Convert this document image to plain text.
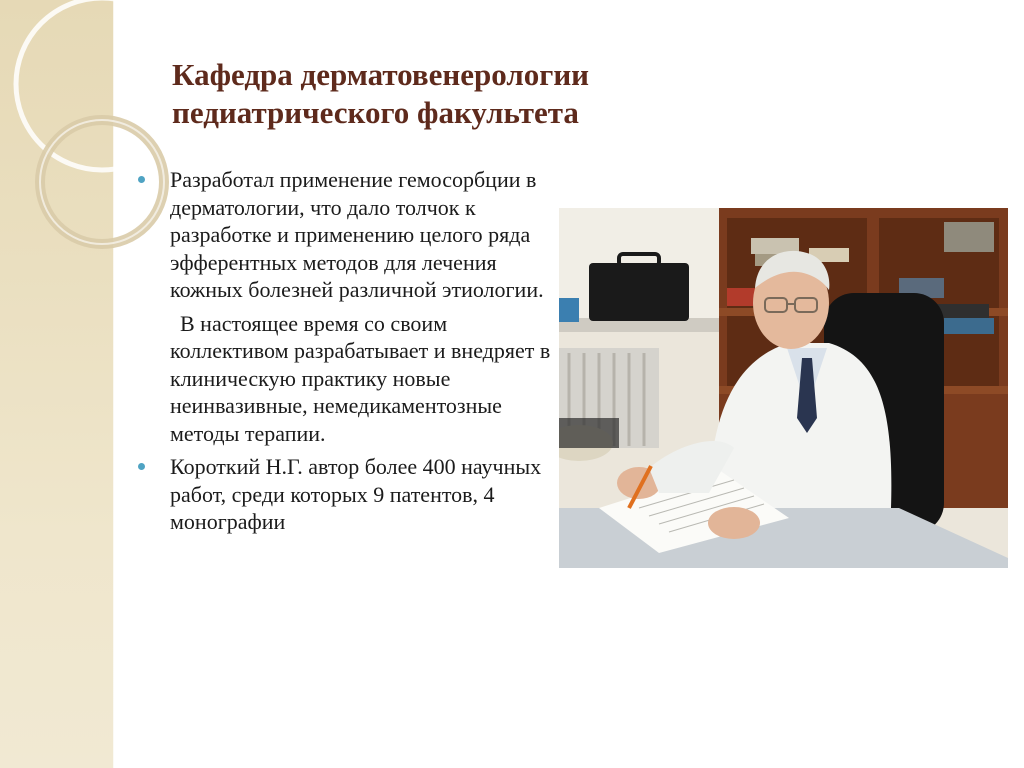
Кафедра дерматовенерологии
педиатрического факультета
Разработал применение гемосорбции в дерматологии, что дало толчок к разработке и применению целого ряда эфферентных методов для лечения кожных болезней различной этиологии.
В настоящее время со своим коллективом разрабатывает и внедряет в клиническую практику новые неинвазивные, немедикаментозные методы терапии.
Короткий Н.Г. автор более 400 научных работ, среди которых 9 патентов, 4 монографии
